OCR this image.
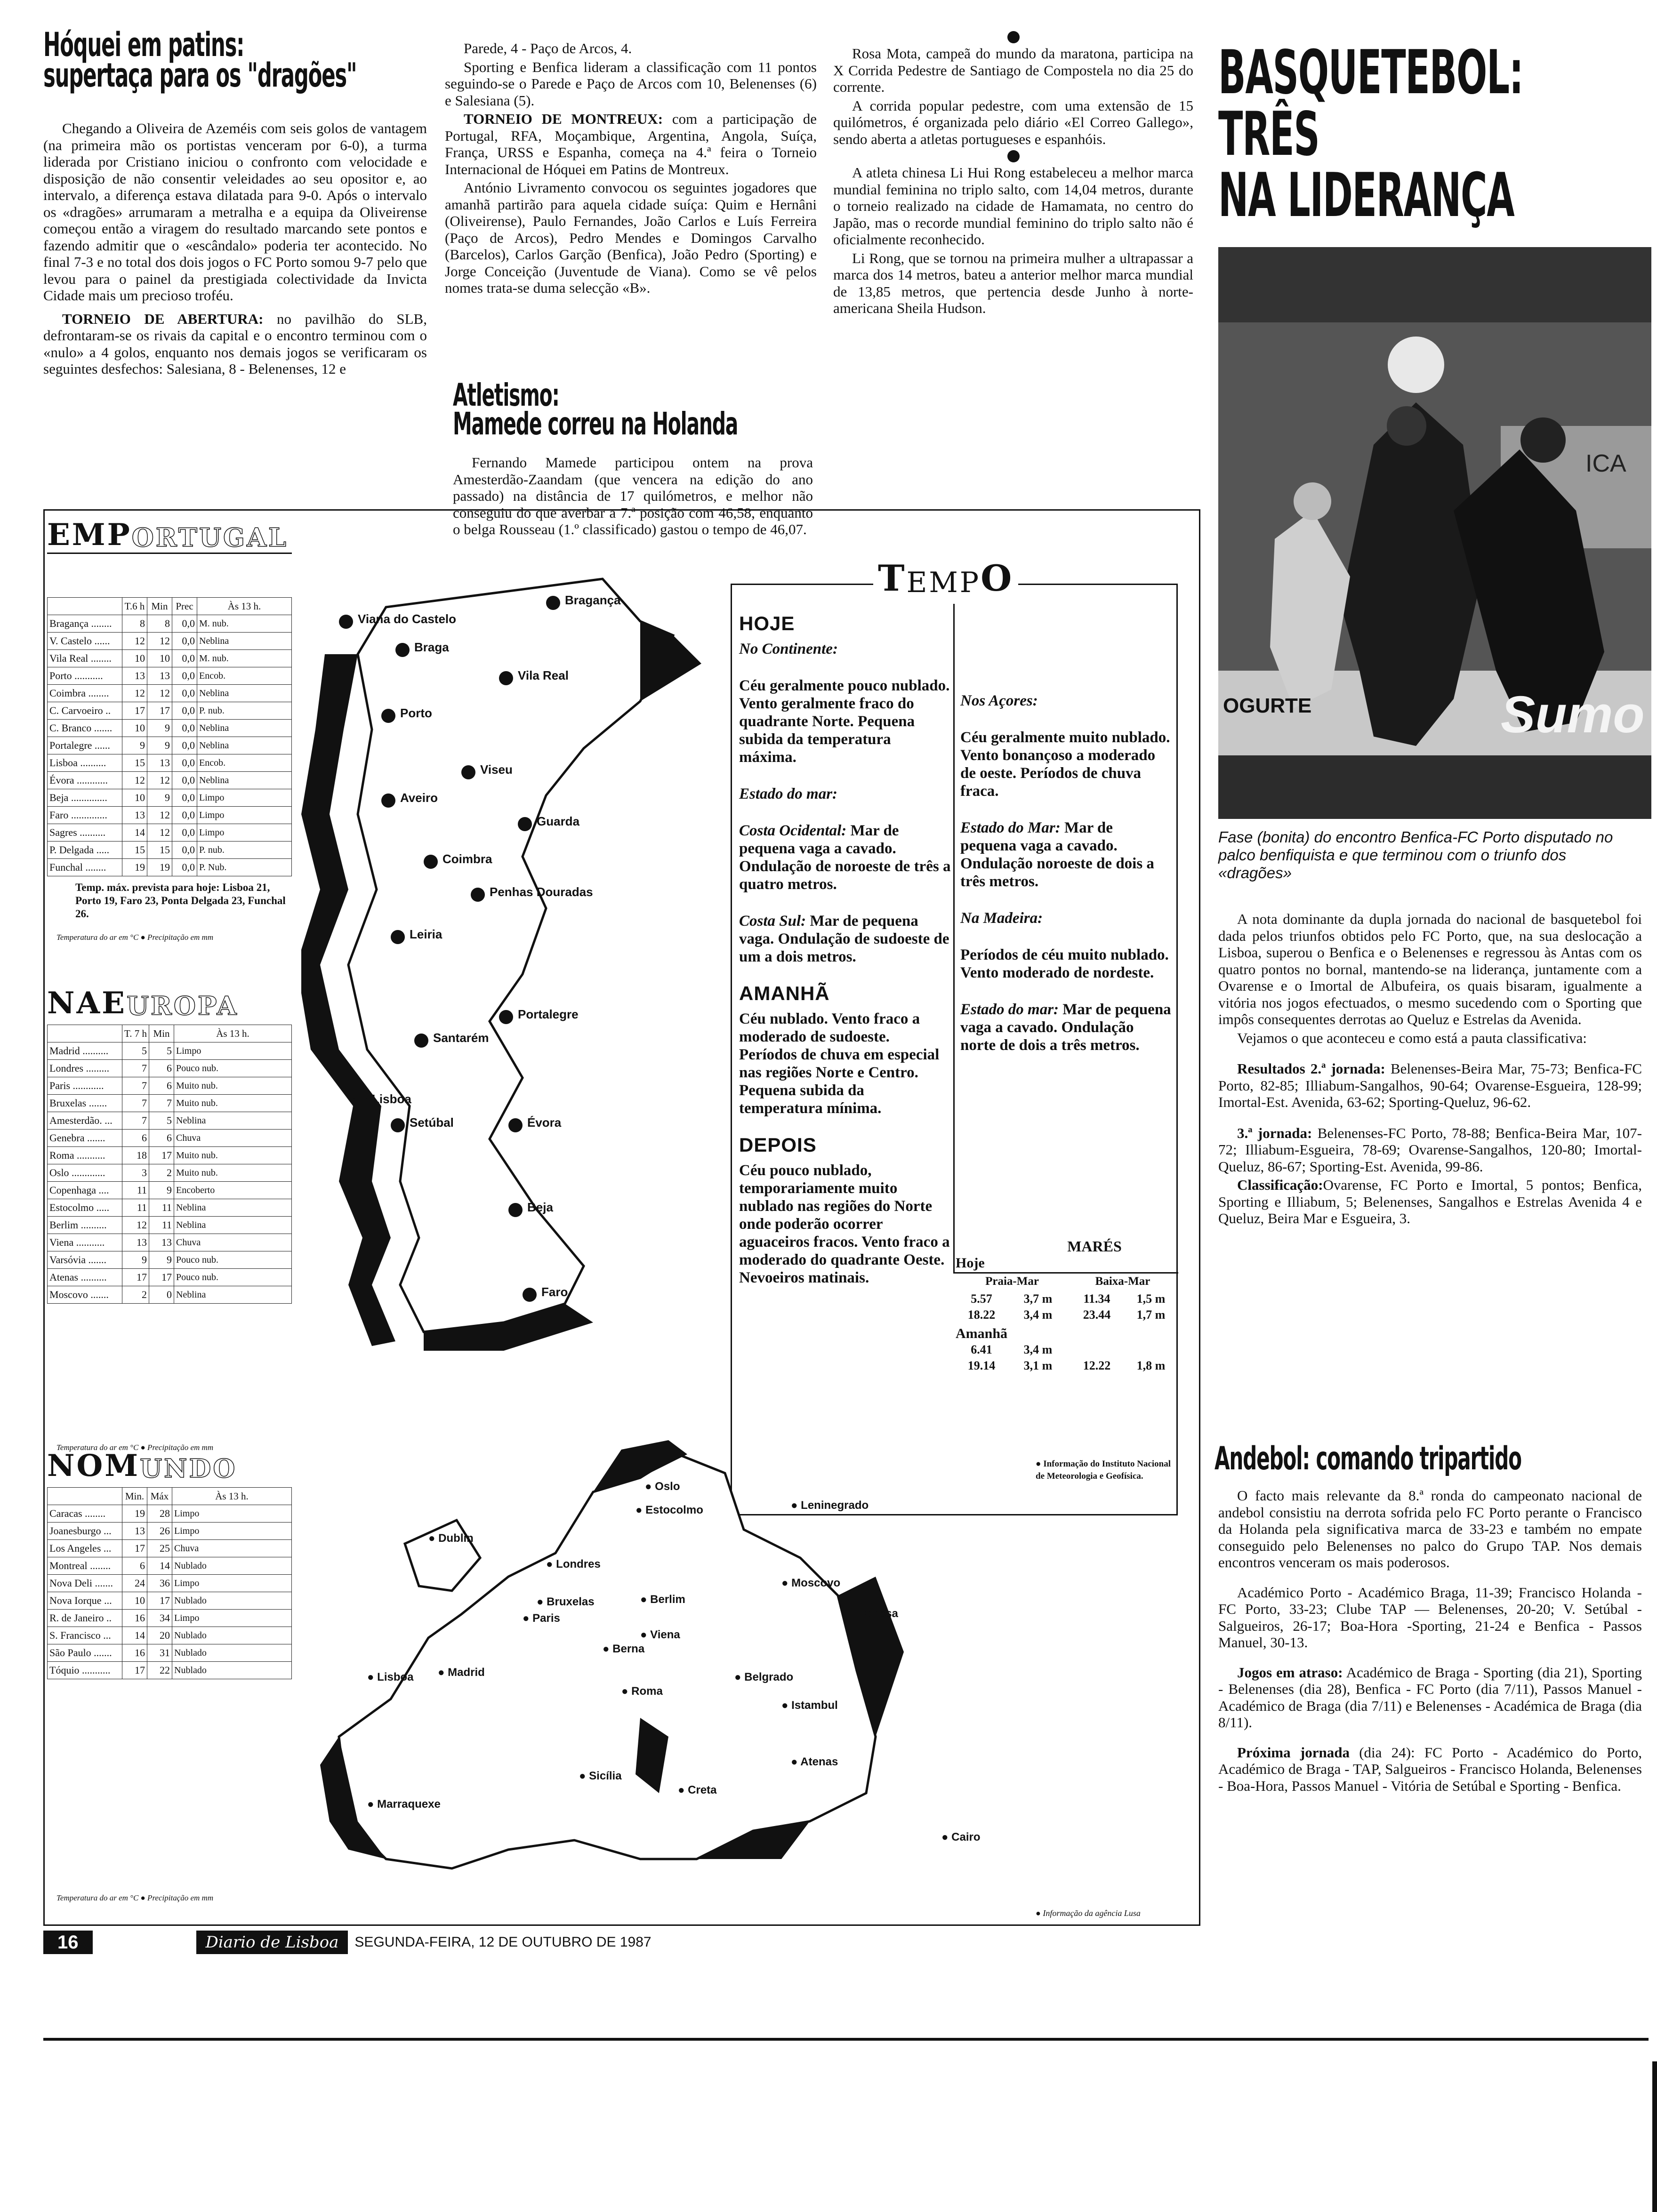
Hóquei em patins:
supertaça para os "dragões"

Chegando a Oliveira de Azeméis com seis golos de vantagem (na primeira mão os portistas venceram por 6-0), a turma liderada por Cristiano iniciou o confronto com velocidade e disposição de não consentir veleidades ao seu opositor e, ao intervalo, a diferença estava dilatada para 9-0. Após o intervalo os «dragões» arrumaram a metralha e a equipa da Oliveirense começou então a viragem do resultado marcando sete pontos e fazendo admitir que o «escândalo» poderia ter acontecido. No final 7-3 e no total dos dois jogos o FC Porto somou 9-7 pelo que levou para o painel da prestigiada colectividade da Invicta Cidade mais um precioso troféu.

TORNEIO DE ABERTURA: no pavilhão do SLB, defrontaram-se os rivais da capital e o encontro terminou com o «nulo» a 4 golos, enquanto nos demais jogos se verificaram os seguintes desfechos: Salesiana, 8 - Belenenses, 12 e

Parede, 4 - Paço de Arcos, 4.

Sporting e Benfica lideram a classificação com 11 pontos seguindo-se o Parede e Paço de Arcos com 10, Belenenses (6) e Salesiana (5).

TORNEIO DE MONTREUX: com a participação de Portugal, RFA, Moçambique, Argentina, Angola, Suíça, França, URSS e Espanha, começa na 4.ª feira o Torneio Internacional de Hóquei em Patins de Montreux.

António Livramento convocou os seguintes jogadores que amanhã partirão para aquela cidade suíça: Quim e Hernâni (Oliveirense), Paulo Fernandes, João Carlos e Luís Ferreira (Paço de Arcos), Pedro Mendes e Domingos Carvalho (Barcelos), Carlos Garção (Benfica), João Pedro (Sporting) e Jorge Conceição (Juventude de Viana). Como se vê pelos nomes trata-se duma selecção «B».

Atletismo:
Mamede correu na Holanda

Fernando Mamede participou ontem na prova Amesterdão-Zaandam (que vencera na edição do ano passado) na distância de 17 quilómetros, e melhor não conseguiu do que averbar a 7.ª posição com 46,58, enquanto o belga Rousseau (1.º classificado) gastou o tempo de 46,07.

Rosa Mota, campeã do mundo da maratona, participa na X Corrida Pedestre de Santiago de Compostela no dia 25 do corrente.

A corrida popular pedestre, com uma extensão de 15 quilómetros, é organizada pelo diário «El Correo Gallego», sendo aberta a atletas portugueses e espanhóis.

A atleta chinesa Li Hui Rong estabeleceu a melhor marca mundial feminina no triplo salto, com 14,04 metros, durante o torneio realizado na cidade de Hamamata, no centro do Japão, mas o recorde mundial feminino do triplo salto não é oficialmente reconhecido.

Li Rong, que se tornou na primeira mulher a ultrapassar a marca dos 14 metros, bateu a anterior melhor marca mundial de 13,85 metros, que pertencia desde Junho à norte-americana Sheila Hudson.

BASQUETEBOL:
TRÊS
NA LIDERANÇA
OGURTE	Sumo
ICA
Fase (bonita) do encontro Benfica-FC Porto disputado no palco benfiquista e que terminou com o triunfo dos «dragões»

A nota dominante da dupla jornada do nacional de basquetebol foi dada pelos triunfos obtidos pelo FC Porto, que, na sua deslocação a Lisboa, superou o Benfica e o Belenenses e regressou às Antas com os quatro pontos no bornal, mantendo-se na liderança, juntamente com a Ovarense e o Imortal de Albufeira, os quais bisaram, igualmente a vitória nos jogos efectuados, o mesmo sucedendo com o Sporting que impôs consequentes derrotas ao Queluz e Estrelas da Avenida.

Vejamos o que aconteceu e como está a pauta classificativa:

Resultados 2.ª jornada: Belenenses-Beira Mar, 75-73; Benfica-FC Porto, 82-85; Illiabum-Sangalhos, 90-64; Ovarense-Esgueira, 128-99; Imortal-Est. Avenida, 63-62; Sporting-Queluz, 96-62.

3.ª jornada: Belenenses-FC Porto, 78-88; Benfica-Beira Mar, 107-72; Illiabum-Esgueira, 78-69; Ovarense-Sangalhos, 120-80; Imortal-Queluz, 86-67; Sporting-Est. Avenida, 99-86.

Classificação:Ovarense, FC Porto e Imortal, 5 pontos; Benfica, Sporting e Illiabum, 5; Belenenses, Sangalhos e Estrelas Avenida 4 e Queluz, Beira Mar e Esgueira, 3.

Andebol: comando tripartido

O facto mais relevante da 8.ª ronda do campeonato nacional de andebol consistiu na derrota sofrida pelo FC Porto perante o Francisco da Holanda pela significativa marca de 33-23 e também no empate conseguido pelo Belenenses no palco do Grupo TAP. Nos demais encontros venceram os mais poderosos.

Académico Porto - Académico Braga, 11-39; Francisco Holanda - FC Porto, 33-23; Clube TAP — Belenenses, 20-20; V. Setúbal - Salgueiros, 26-17; Boa-Hora -Sporting, 21-24 e Benfica - Passos Manuel, 30-13.

Jogos em atraso: Académico de Braga - Sporting (dia 21), Sporting - Belenenses (dia 28), Benfica - FC Porto (dia 7/11), Passos Manuel - Académico de Braga (dia 7/11) e Belenenses - Académica de Braga (dia 8/11).

Próxima jornada (dia 24): FC Porto - Académico do Porto, Académico de Braga - TAP, Salgueiros - Francisco Holanda, Belenenses - Boa-Hora, Passos Manuel - Vitória de Setúbal e Sporting - Benfica.

EMP ORTUGAL
	T.6 h	Min	Prec	Às 13 h.
Bragança ........	8	8	0,0	M. nub.
V. Castelo ......	12	12	0,0	Neblina
Vila Real ........	10	10	0,0	M. nub.
Porto ...........	13	13	0,0	Encob.
Coimbra ........	12	12	0,0	Neblina
C. Carvoeiro ..	17	17	0,0	P. nub.
C. Branco .......	10	9	0,0	Neblina
Portalegre ......	9	9	0,0	Neblina
Lisboa ..........	15	13	0,0	Encob.
Évora ............	12	12	0,0	Neblina
Beja ..............	10	9	0,0	Limpo
Faro ..............	13	12	0,0	Limpo
Sagres ..........	14	12	0,0	Limpo
P. Delgada .....	15	15	0,0	P. nub.
Funchal ........	19	19	0,0	P. Nub.
Temp. máx. prevista para hoje: Lisboa 21, Porto 19, Faro 23, Ponta Delgada 23, Funchal 26.
Temperatura do ar em °C ● Precipitação em mm
NAE UROPA
	T. 7 h	Min	Às 13 h.
Madrid ..........	5	5	Limpo
Londres .........	7	6	Pouco nub.
Paris ............	7	6	Muito nub.
Bruxelas .......	7	7	Muito nub.
Amesterdão. ...	7	5	Neblina
Genebra .......	6	6	Chuva
Roma ...........	18	17	Muito nub.
Oslo .............	3	2	Muito nub.
Copenhaga ....	11	9	Encoberto
Estocolmo .....	11	11	Neblina
Berlim ..........	12	11	Neblina
Viena ...........	13	13	Chuva
Varsóvia .......	9	9	Pouco nub.
Atenas ..........	17	17	Pouco nub.
Moscovo .......	2	0	Neblina
Temperatura do ar em °C ● Precipitação em mm
NOM UNDO
	Min.	Máx	Às 13 h.
Caracas ........	19	28	Limpo
Joanesburgo ...	13	26	Limpo
Los Angeles ...	17	25	Chuva
Montreal ........	6	14	Nublado
Nova Deli .......	24	36	Limpo
Nova Iorque ...	10	17	Nublado
R. de Janeiro ..	16	34	Limpo
S. Francisco ...	14	20	Nublado
São Paulo .......	16	31	Nublado
Tóquio ...........	17	22	Nublado
Temperatura do ar em °C ● Precipitação em mm
Bragança
Viana do Castelo
Braga
Vila Real
Porto
Viseu
Aveiro
Guarda
Coimbra
Penhas Douradas
Leiria
Portalegre
Santarém
Lisboa
Setúbal	Évora
Beja
Faro
T EMP O
HOJE
No Continente:

Céu geralmente pouco nublado. Vento geralmente fraco do quadrante Norte. Pequena subida da temperatura máxima.

Estado do mar:

Costa Ocidental: Mar de pequena vaga a cavado. Ondulação de noroeste de três a quatro metros.

Costa Sul: Mar de pequena vaga. Ondulação de sudoeste de um a dois metros.

AMANHÃ

Céu nublado. Vento fraco a moderado de sudoeste. Períodos de chuva em especial nas regiões Norte e Centro. Pequena subida da temperatura mínima.

DEPOIS

Céu pouco nublado, temporariamente muito nublado nas regiões do Norte onde poderão ocorrer aguaceiros fracos. Vento fraco a moderado do quadrante Oeste. Nevoeiros matinais.

Nos Açores:

Céu geralmente muito nublado. Vento bonançoso a moderado de oeste. Períodos de chuva fraca.

Estado do Mar: Mar de pequena vaga a cavado. Ondulação noroeste de dois a três metros.

Na Madeira:

Períodos de céu muito nublado. Vento moderado de nordeste.

Estado do mar: Mar de pequena vaga a cavado. Ondulação norte de dois a três metros.

MARÉS
Hoje
Praia-Mar	Baixa-Mar
5.57	3,7 m	11.34	1,5 m
18.22	3,4 m	23.44	1,7 m
Amanhã
6.41	3,4 m
19.14	3,1 m	12.22	1,8 m
● Informação do Instituto Nacional de Meteorologia e Geofísica.
● Oslo
● Estocolmo	● Leninegrado
● Dublin
● Londres
● Moscovo
● Bruxelas	● Berlim
● Paris	● Odessa
● Viena
● Berna
● Belgrado
● Lisboa ● Madrid
● Roma
● Istambul
● Atenas
● Sicília
● Creta
● Marraquexe
● Cairo
● Informação da agência Lusa
16	Diario de Lisboa	SEGUNDA-FEIRA, 12 DE OUTUBRO DE 1987
